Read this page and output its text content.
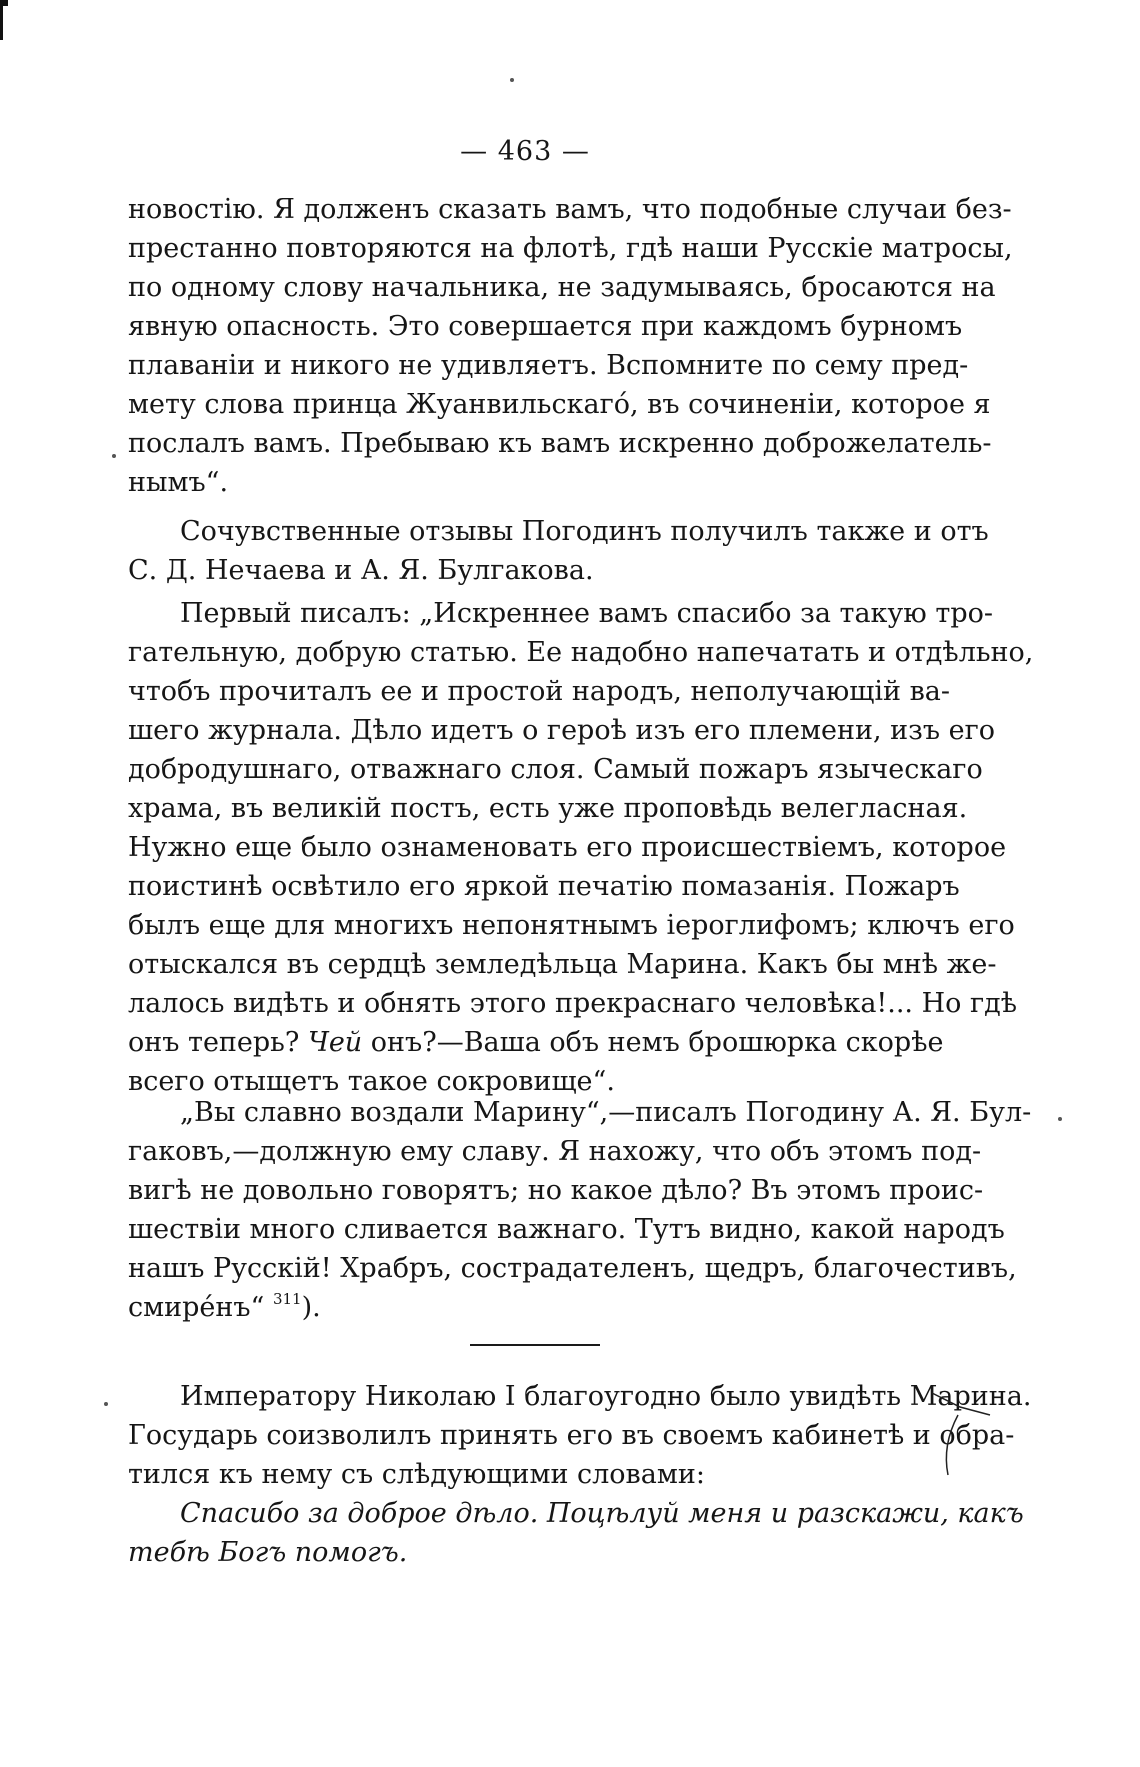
— 463 —
новостію. Я долженъ сказать вамъ, что подобные случаи без-
престанно повторяются на флотѣ, гдѣ наши Русскіе матросы,
по одному слову начальника, не задумываясь, бросаются на
явную опасность. Это совершается при каждомъ бурномъ
плаваніи и никого не удивляетъ. Вспомните по сему пред-
мету слова принца Жуанвильскагó, въ сочиненіи, которое я
послалъ вамъ. Пребываю къ вамъ искренно доброжелатель-
нымъ“.
Сочувственные отзывы Погодинъ получилъ также и отъ
С. Д. Нечаева и А. Я. Булгакова.
Первый писалъ: „Искреннее вамъ спасибо за такую тро-
гательную, добрую статью. Ее надобно напечатать и отдѣльно,
чтобъ прочиталъ ее и простой народъ, неполучающій ва-
шего журнала. Дѣло идетъ о героѣ изъ его племени, изъ его
добродушнаго, отважнаго слоя. Самый пожаръ языческаго
храма, въ великій постъ, есть уже проповѣдь велегласная.
Нужно еще было ознаменовать его происшествіемъ, которое
поистинѣ освѣтило его яркой печатію помазанія. Пожаръ
былъ еще для многихъ непонятнымъ іероглифомъ; ключъ его
отыскался въ сердцѣ земледѣльца Марина. Какъ бы мнѣ же-
лалось видѣть и обнять этого прекраснаго человѣка!... Но гдѣ
онъ теперь? Чей онъ?—Ваша объ немъ брошюрка скорѣе
всего отыщетъ такое сокровище“.
„Вы славно воздали Марину“,—писалъ Погодину А. Я. Бул-
гаковъ,—должную ему славу. Я нахожу, что объ этомъ под-
вигѣ не довольно говорятъ; но какое дѣло? Въ этомъ проис-
шествіи много сливается важнаго. Тутъ видно, какой народъ
нашъ Русскій! Храбръ, сострадателенъ, щедръ, благочестивъ,
смирéнъ“ $^{311}$).
Императору Николаю I благоугодно было увидѣть Марина.
Государь соизволилъ принять его въ своемъ кабинетѣ и обра-
тился къ нему съ слѣдующими словами:
Спасибо за доброе дѣло. Поцѣлуй меня и разскажи, какъ
тебѣ Богъ помогъ.
